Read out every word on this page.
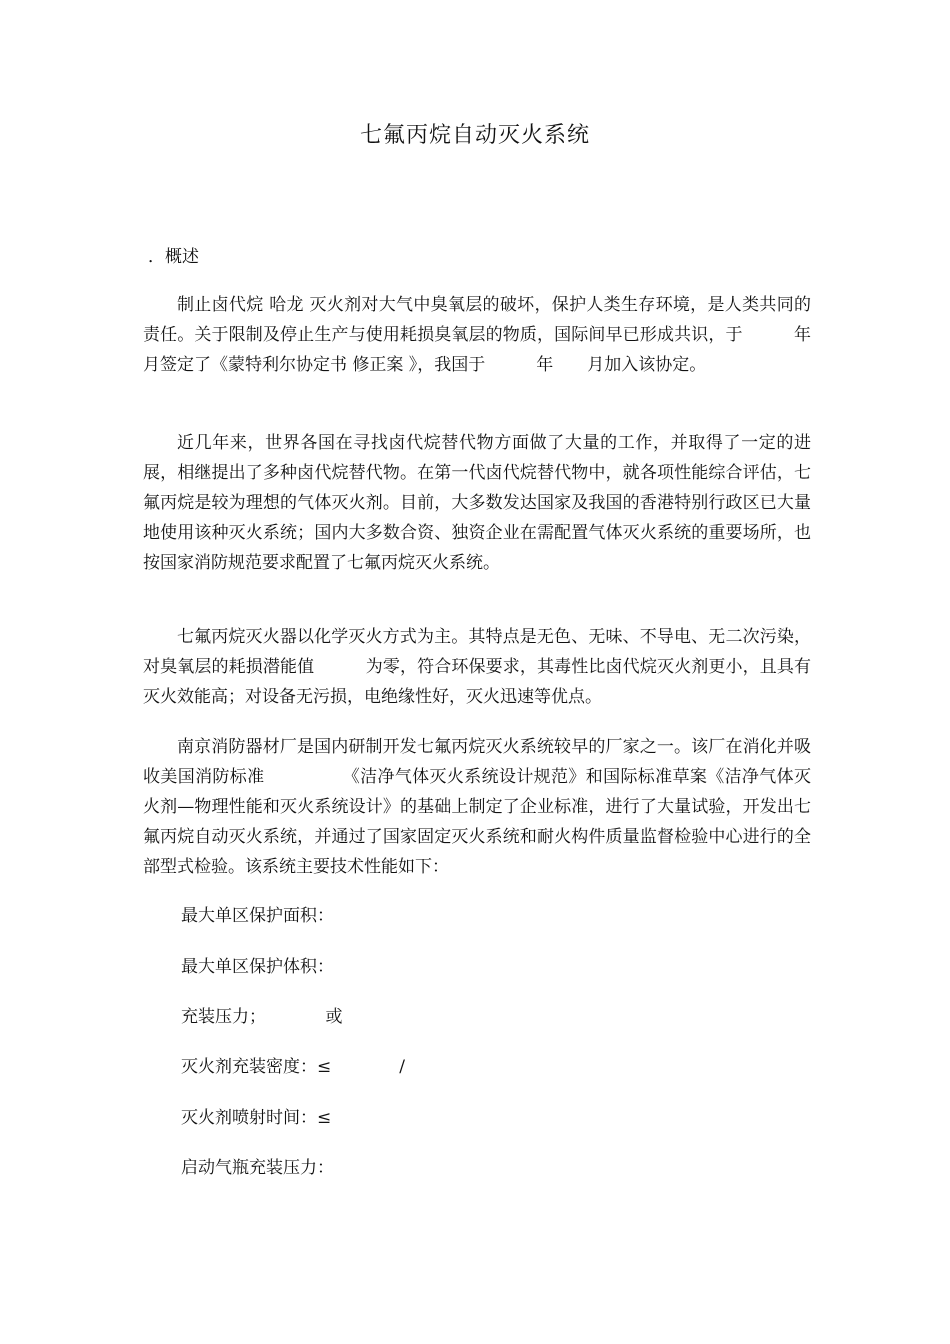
七氟丙烷自动灭火系统
．概述

制止卤代烷 哈龙 灭火剂对大气中臭氧层的破坏，保护人类生存环境，是人类共同的责任。关于限制及停止生产与使用耗损臭氧层的物质，国际间早已形成共识，于　　　年　月签定了《蒙特利尔协定书 修正案 》，我国于　　　年　　月加入该协定。

近几年来，世界各国在寻找卤代烷替代物方面做了大量的工作，并取得了一定的进展，相继提出了多种卤代烷替代物。在第一代卤代烷替代物中，就各项性能综合评估，七氟丙烷是较为理想的气体灭火剂。目前，大多数发达国家及我国的香港特别行政区已大量地使用该种灭火系统；国内大多数合资、独资企业在需配置气体灭火系统的重要场所，也按国家消防规范要求配置了七氟丙烷灭火系统。

七氟丙烷灭火器以化学灭火方式为主。其特点是无色、无味、不导电、无二次污染，对臭氧层的耗损潜能值　　　为零，符合环保要求，其毒性比卤代烷灭火剂更小，且具有灭火效能高；对设备无污损，电绝缘性好，灭火迅速等优点。

南京消防器材厂是国内研制开发七氟丙烷灭火系统较早的厂家之一。该厂在消化并吸收美国消防标准　　　　　《洁净气体灭火系统设计规范》和国际标准草案《洁净气体灭火剂—物理性能和灭火系统设计》的基础上制定了企业标准，进行了大量试验，开发出七氟丙烷自动灭火系统，并通过了国家固定灭火系统和耐火构件质量监督检验中心进行的全部型式检验。该系统主要技术性能如下：

最大单区保护面积：
最大单区保护体积：
充装压力；　　　　或
灭火剂充装密度：≤　　　　/
灭火剂喷射时间：≤
启动气瓶充装压力：
